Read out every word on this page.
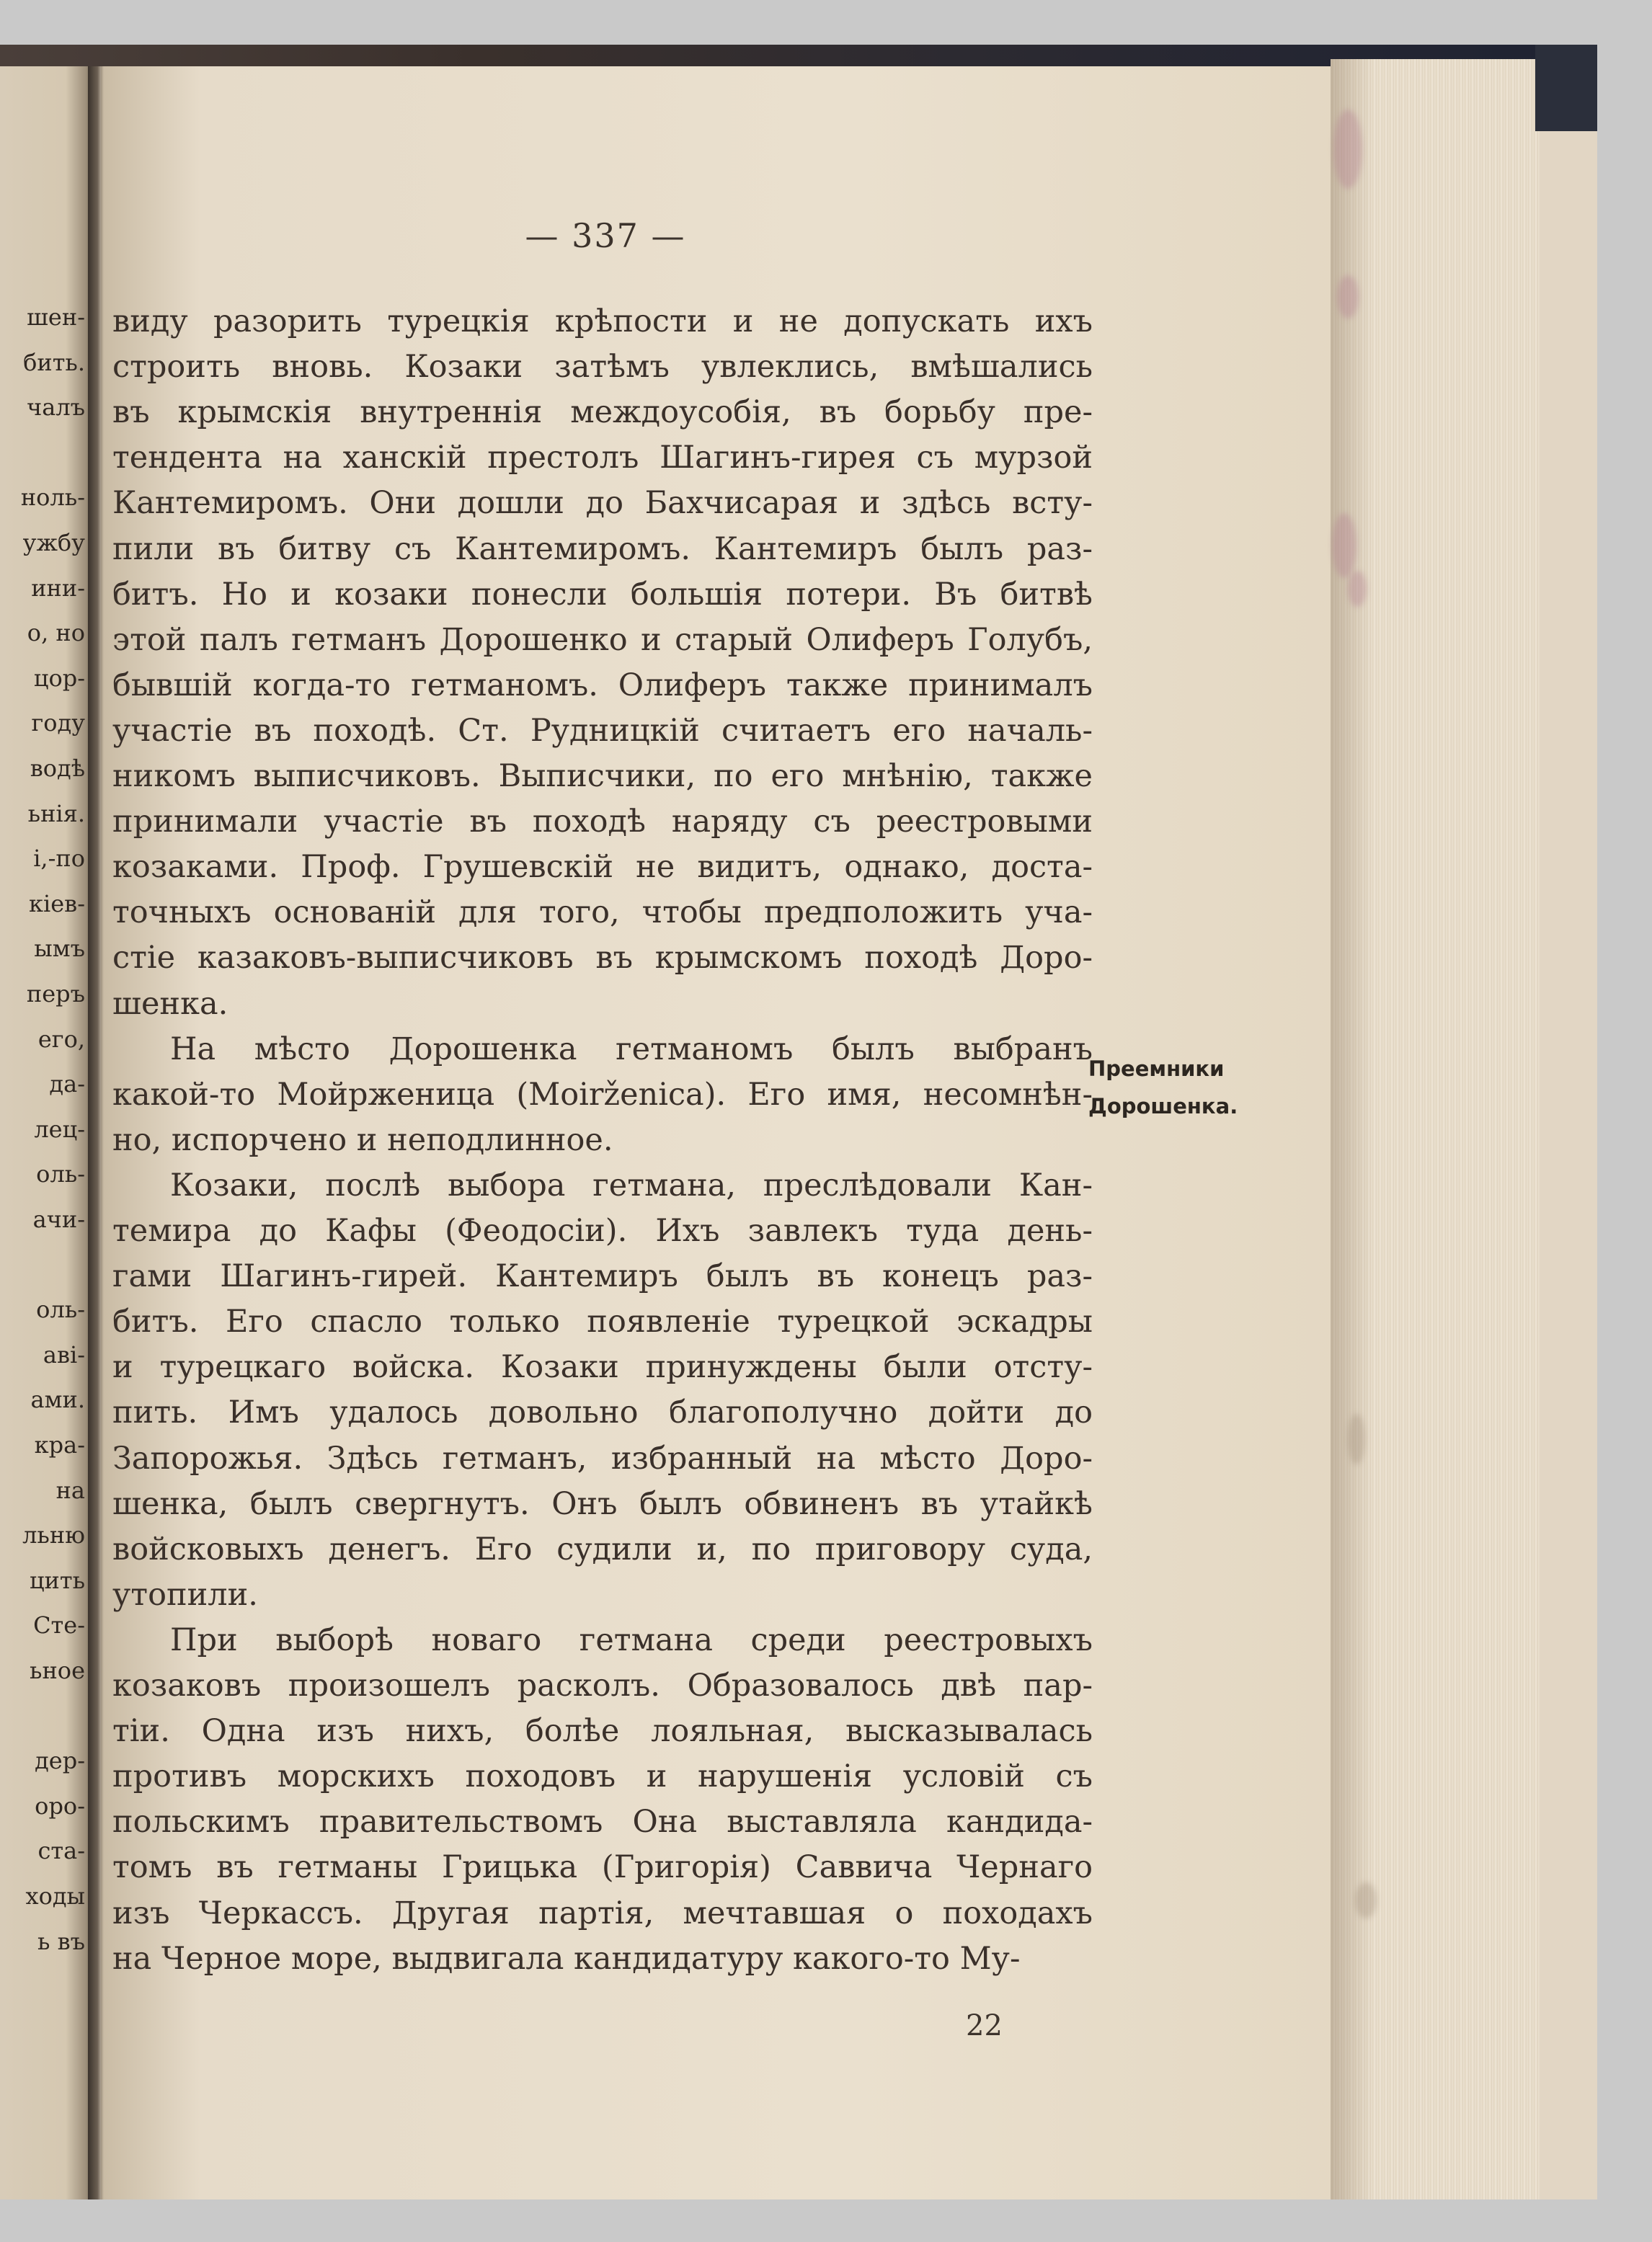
шен-
бить.
чалъ
ноль-
ужбу
ини-
о, но
цор-
году
водѣ
ьнія.
і,-по
кіев-
ымъ
перъ
его,
да-
лец-
оль-
ачи-
оль-
аві-
ами.
кра-
на
льню
цить
Сте-
ьное
дер-
оро-
ста-
ходы
ь въ
— 337 —
виду разорить турецкія крѣпости и не допускать ихъ
строить вновь. Козаки затѣмъ увлеклись, вмѣшались
въ крымскія внутреннія междоусобія, въ борьбу пре-
тендента на ханскій престолъ Шагинъ-гирея съ мурзой
Кантемиромъ. Они дошли до Бахчисарая и здѣсь всту-
пили въ битву съ Кантемиромъ. Кантемиръ былъ раз-
битъ. Но и козаки понесли большія потери. Въ битвѣ
этой палъ гетманъ Дорошенко и старый Олиферъ Голубъ,
бывшій когда-то гетманомъ. Олиферъ также принималъ
участіе въ походѣ. Ст. Рудницкій считаетъ его началь-
никомъ выписчиковъ. Выписчики, по его мнѣнію, также
принимали участіе въ походѣ наряду съ реестровыми
козаками. Проф. Грушевскій не видитъ, однако, доста-
точныхъ основаній для того, чтобы предположить уча-
стіе казаковъ-выписчиковъ въ крымскомъ походѣ Доро-
шенка.
На мѣсто Дорошенка гетманомъ былъ выбранъ
какой-то Мойрженица (Moiržеnica). Его имя, несомнѣн-
но, испорчено и неподлинное.
Козаки, послѣ выбора гетмана, преслѣдовали Кан-
темира до Кафы (Феодосіи). Ихъ завлекъ туда день-
гами Шагинъ-гирей. Кантемиръ былъ въ конецъ раз-
битъ. Его спасло только появленіе турецкой эскадры
и турецкаго войска. Козаки принуждены были отсту-
пить. Имъ удалось довольно благополучно дойти до
Запорожья. Здѣсь гетманъ, избранный на мѣсто Доро-
шенка, былъ свергнутъ. Онъ былъ обвиненъ въ утайкѣ
войсковыхъ денегъ. Его судили и, по приговору суда,
утопили.
При выборѣ новаго гетмана среди реестровыхъ
козаковъ произошелъ расколъ. Образовалось двѣ пар-
тіи. Одна изъ нихъ, болѣе лояльная, высказывалась
противъ морскихъ походовъ и нарушенія условій съ
польскимъ правительствомъ Она выставляла кандида-
томъ въ гетманы Грицька (Григорія) Саввича Чернаго
изъ Черкассъ. Другая партія, мечтавшая о походахъ
на Черное море, выдвигала кандидатуру какого-то Му-
Преемники
Дорошенка.
22
